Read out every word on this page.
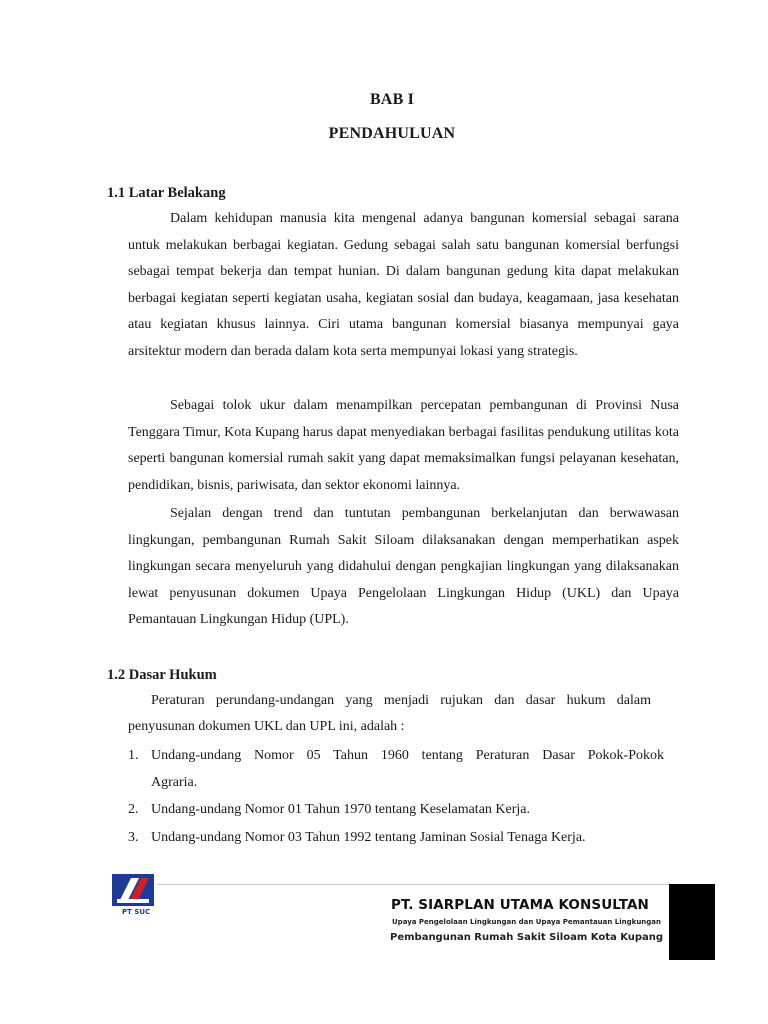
BAB I
PENDAHULUAN
1.1 Latar Belakang

Dalam kehidupan manusia kita mengenal adanya bangunan komersial sebagai sarana untuk melakukan berbagai kegiatan. Gedung sebagai salah satu bangunan komersial berfungsi sebagai tempat bekerja dan tempat hunian. Di dalam bangunan gedung kita dapat melakukan berbagai kegiatan seperti kegiatan usaha, kegiatan sosial dan budaya, keagamaan, jasa kesehatan atau kegiatan khusus lainnya. Ciri utama bangunan komersial biasanya mempunyai gaya arsitektur modern dan berada dalam kota serta mempunyai lokasi yang strategis.

Sebagai tolok ukur dalam menampilkan percepatan pembangunan di Provinsi Nusa Tenggara Timur, Kota Kupang harus dapat menyediakan berbagai fasilitas pendukung utilitas kota seperti bangunan komersial rumah sakit yang dapat memaksimalkan fungsi pelayanan kesehatan, pendidikan, bisnis, pariwisata, dan sektor ekonomi lainnya.

Sejalan dengan trend dan tuntutan pembangunan berkelanjutan dan berwawasan lingkungan, pembangunan Rumah Sakit Siloam dilaksanakan dengan memperhatikan aspek lingkungan secara menyeluruh yang didahului dengan pengkajian lingkungan yang dilaksanakan lewat penyusunan dokumen Upaya Pengelolaan Lingkungan Hidup (UKL) dan Upaya Pemantauan Lingkungan Hidup (UPL).

1.2 Dasar Hukum

Peraturan perundang-undangan yang menjadi rujukan dan dasar hukum dalam

penyusunan dokumen UKL dan UPL ini, adalah :

1. Undang-undang Nomor 05 Tahun 1960 tentang Peraturan Dasar Pokok-Pokok

Agraria.

2. Undang-undang Nomor 01 Tahun 1970 tentang Keselamatan Kerja.

3. Undang-undang Nomor 03 Tahun 1992 tentang Jaminan Sosial Tenaga Kerja.

PT SUC	PT. SIARPLAN UTAMA KONSULTAN
Upaya Pengelolaan Lingkungan dan Upaya Pemantauan Lingkungan
Pembangunan Rumah Sakit Siloam Kota Kupang
